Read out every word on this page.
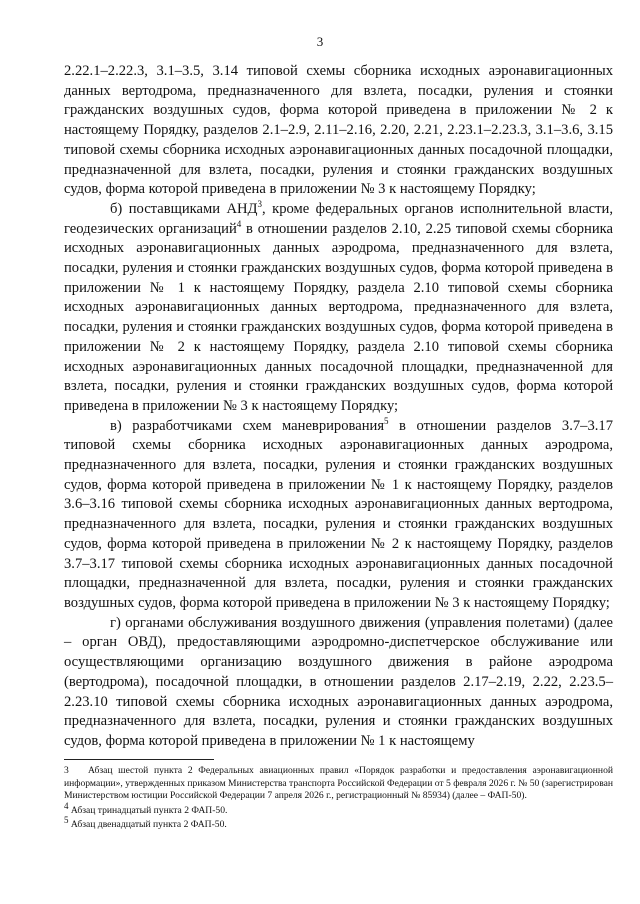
3

2.22.1–2.22.3, 3.1–3.5, 3.14 типовой схемы сборника исходных аэронавигационных данных вертодрома, предназначенного для взлета, посадки, руления и стоянки гражданских воздушных судов, форма которой приведена в приложении № 2 к настоящему Порядку, разделов 2.1–2.9, 2.11–2.16, 2.20, 2.21, 2.23.1–2.23.3, 3.1–3.6, 3.15 типовой схемы сборника исходных аэронавигационных данных посадочной площадки, предназначенной для взлета, посадки, руления и стоянки гражданских воздушных судов, форма которой приведена в приложении № 3 к настоящему Порядку;

б) поставщиками АНД$^3$, кроме федеральных органов исполнительной власти, геодезических организаций$^4$ в отношении разделов 2.10, 2.25 типовой схемы сборника исходных аэронавигационных данных аэродрома, предназначенного для взлета, посадки, руления и стоянки гражданских воздушных судов, форма которой приведена в приложении № 1 к настоящему Порядку, раздела 2.10 типовой схемы сборника исходных аэронавигационных данных вертодрома, предназначенного для взлета, посадки, руления и стоянки гражданских воздушных судов, форма которой приведена в приложении № 2 к настоящему Порядку, раздела 2.10 типовой схемы сборника исходных аэронавигационных данных посадочной площадки, предназначенной для взлета, посадки, руления и стоянки гражданских воздушных судов, форма которой приведена в приложении № 3 к настоящему Порядку;

в) разработчиками схем маневрирования$^5$ в отношении разделов 3.7–3.17 типовой схемы сборника исходных аэронавигационных данных аэродрома, предназначенного для взлета, посадки, руления и стоянки гражданских воздушных судов, форма которой приведена в приложении № 1 к настоящему Порядку, разделов 3.6–3.16 типовой схемы сборника исходных аэронавигационных данных вертодрома, предназначенного для взлета, посадки, руления и стоянки гражданских воздушных судов, форма которой приведена в приложении № 2 к настоящему Порядку, разделов 3.7–3.17 типовой схемы сборника исходных аэронавигационных данных посадочной площадки, предназначенной для взлета, посадки, руления и стоянки гражданских воздушных судов, форма которой приведена в приложении № 3 к настоящему Порядку;

г) органами обслуживания воздушного движения (управления полетами) (далее – орган ОВД), предоставляющими аэродромно-диспетчерское обслуживание или осуществляющими организацию воздушного движения в районе аэродрома (вертодрома), посадочной площадки, в отношении разделов 2.17–2.19, 2.22, 2.23.5–2.23.10 типовой схемы сборника исходных аэронавигационных данных аэродрома, предназначенного для взлета, посадки, руления и стоянки гражданских воздушных судов, форма которой приведена в приложении № 1 к настоящему

3 Абзац шестой пункта 2 Федеральных авиационных правил «Порядок разработки и предоставления аэронавигационной информации», утвержденных приказом Министерства транспорта Российской Федерации от 5 февраля 2026 г. № 50 (зарегистрирован Министерством юстиции Российской Федерации 7 апреля 2026 г., регистрационный № 85934) (далее – ФАП-50).

$^4$ Абзац тринадцатый пункта 2 ФАП-50.

$^5$ Абзац двенадцатый пункта 2 ФАП-50.
